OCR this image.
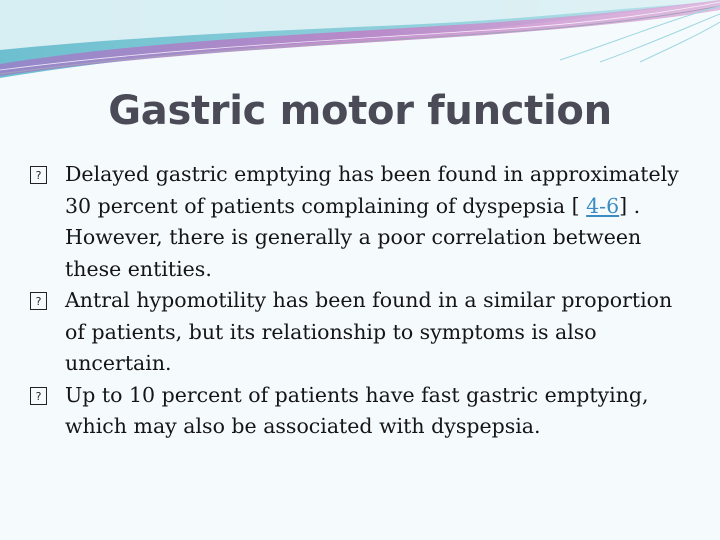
Gastric motor function

?
Delayed gastric emptying has been found in approximately 30 percent of patients complaining of dyspepsia [ 4-6] . However, there is generally a poor correlation between these entities.

?
Antral hypomotility has been found in a similar proportion of patients, but its relationship to symptoms is also uncertain.

?
Up to 10 percent of patients have fast gastric emptying, which may also be associated with dyspepsia.
